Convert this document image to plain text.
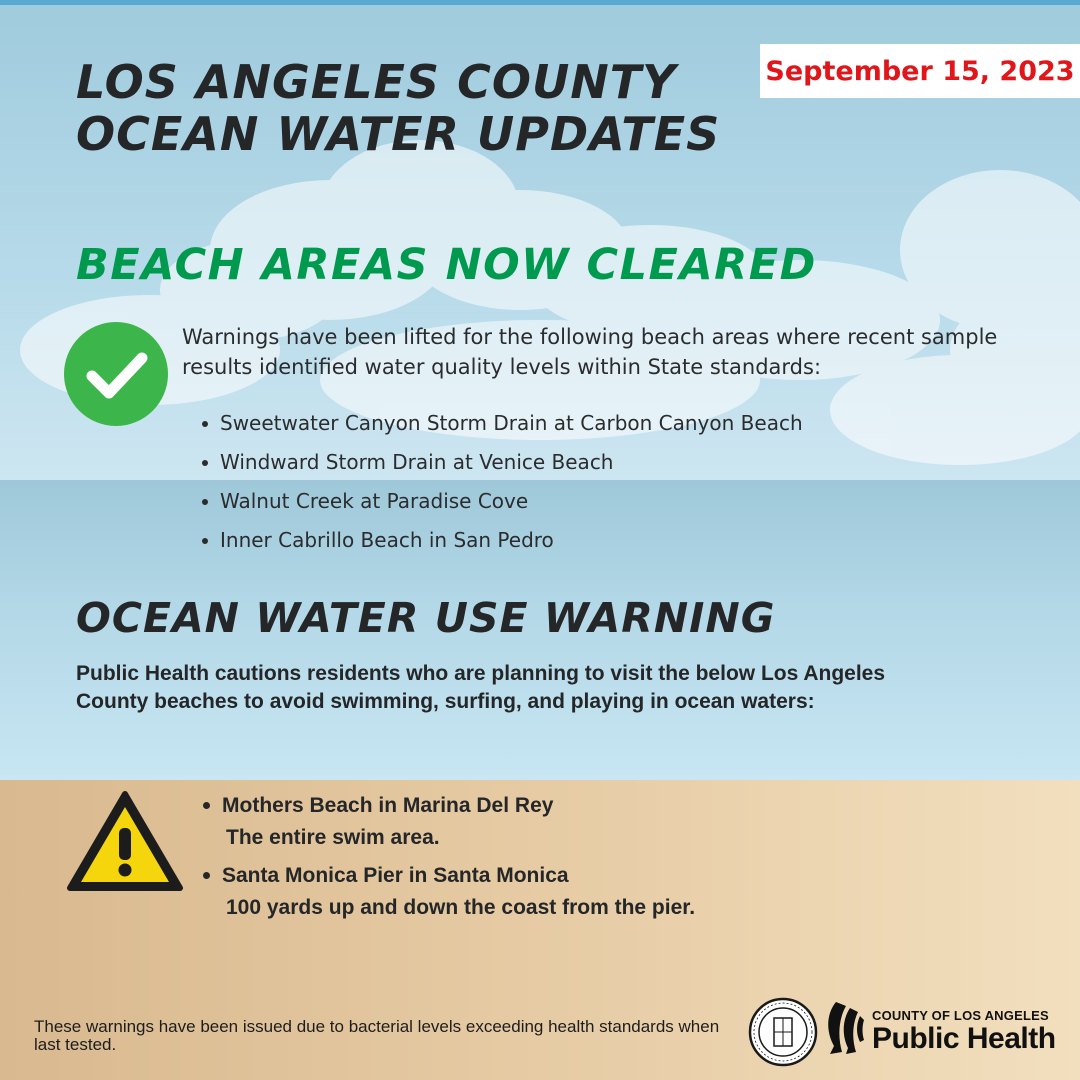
September 15, 2023
LOS ANGELES COUNTY
OCEAN WATER UPDATES
BEACH AREAS NOW CLEARED

Warnings have been lifted for the following beach areas where recent sample results identified water quality levels within State standards:

Sweetwater Canyon Storm Drain at Carbon Canyon Beach
Windward Storm Drain at Venice Beach
Walnut Creek at Paradise Cove
Inner Cabrillo Beach in San Pedro
OCEAN WATER USE WARNING

Public Health cautions residents who are planning to visit the below Los Angeles County beaches to avoid swimming, surfing, and playing in ocean waters:

Mothers Beach in Marina Del Rey
The entire swim area.
Santa Monica Pier in Santa Monica
100 yards up and down the coast from the pier.

These warnings have been issued due to bacterial levels exceeding health standards when last tested.

COUNTY OF LOS ANGELES
Public Health
